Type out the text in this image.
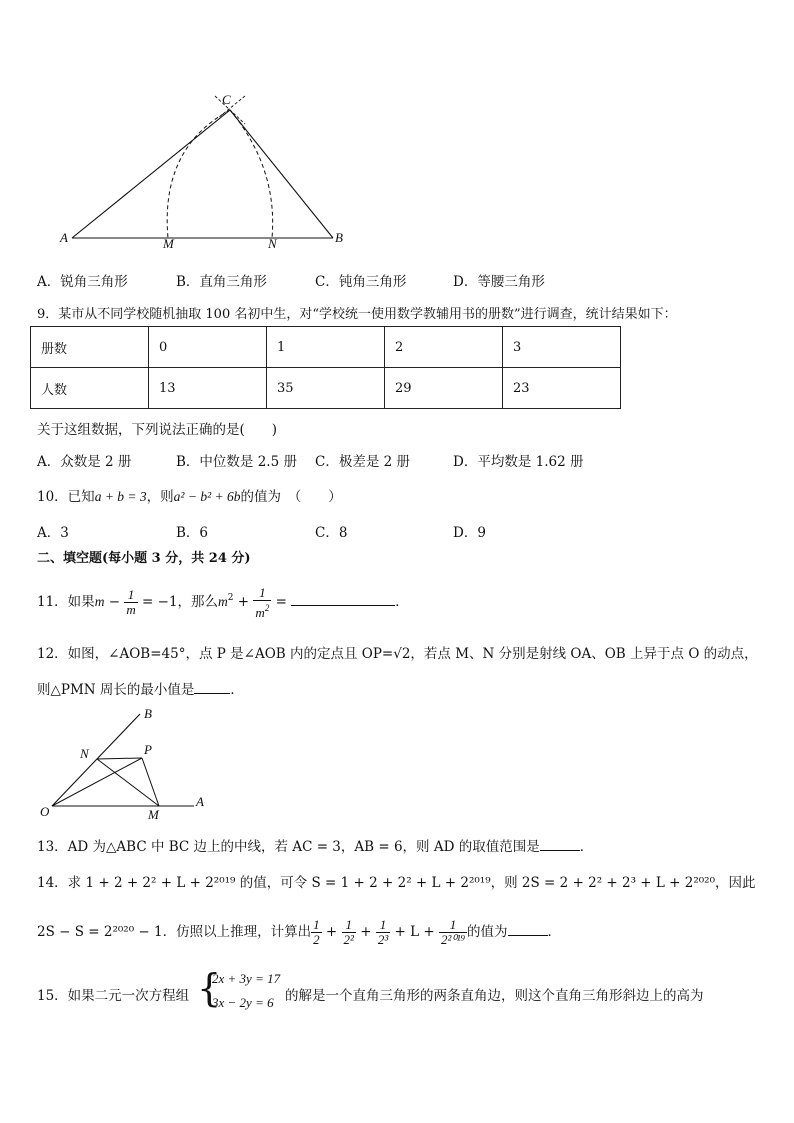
C
A	M	N	B
A．锐角三角形	B．直角三角形	C．钝角三角形	D．等腰三角形
9．某市从不同学校随机抽取 100 名初中生，对“学校统一使用数学教辅用书的册数”进行调查，统计结果如下：
册数	0	1	2	3
人数	13	35	29	23
关于这组数据，下列说法正确的是(　　)
A．众数是 2 册	B．中位数是 2.5 册 C．极差是 2 册	D．平均数是 1.62 册
10．已知a + b = 3，则a² − b² + 6b的值为　（　　）
A．3	B．6	C．8	D．9
二、填空题(每小题 3 分，共 24 分)
11．如果$m - \frac{1}{m} = -1$，那么$m^2 + \frac{1}{m^2}$ =	．
12．如图，∠AOB=45°，点 P 是∠AOB 内的定点且 OP=√2，若点 M、N 分别是射线 OA、OB 上异于点 O 的动点，
则△PMN 周长的最小值是	．
B
N	P
O	M
A
13．AD 为△ABC 中 BC 边上的中线，若 AC = 3，AB = 6，则 AD 的取值范围是	．
14．求 1 + 2 + 2² + L + 2²⁰¹⁹ 的值，可令 S = 1 + 2 + 2² + L + 2²⁰¹⁹，则 2S = 2 + 2² + 2³ + L + 2²⁰²⁰，因此
2S − S = 2²⁰²⁰ − 1．仿照以上推理，计算出 $\frac{1}{2} + \frac{1}{\text{2²}} + \frac{1}{\text{2³}} + L + \frac{1}{\text{2²⁰¹⁹}}$ 的值为	．
15．如果二元一次方程组 {
2x + 3y = 17
3x − 2y = 6 的解是一个直角三角形的两条直角边，则这个直角三角形斜边上的高为
